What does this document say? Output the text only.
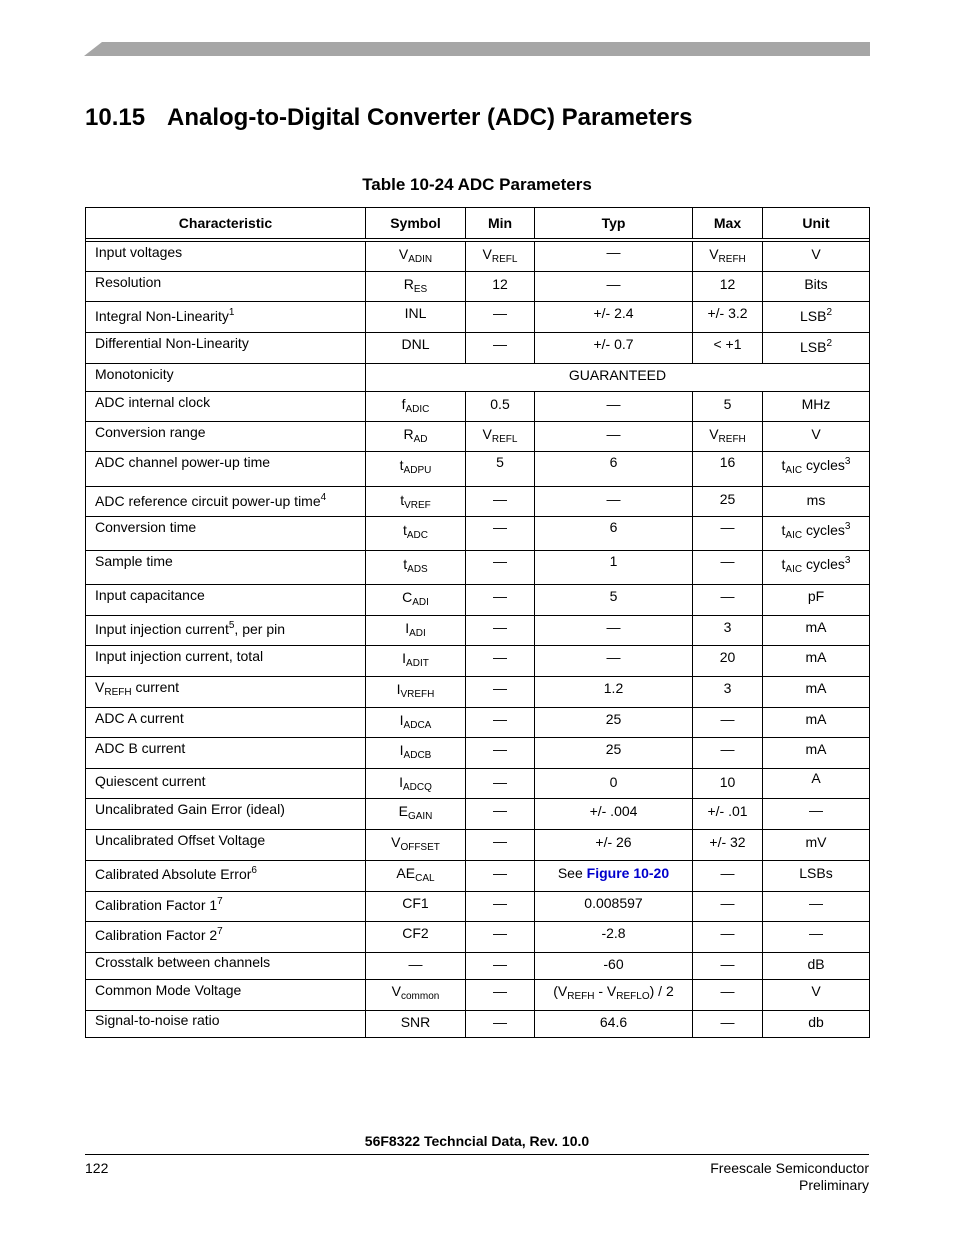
10.15 Analog-to-Digital Converter (ADC) Parameters
Table 10-24 ADC Parameters
Characteristic	Symbol	Min	Typ	Max	Unit

Input voltages	$V_{ADIN}$	$V_{REFL}$	—	$V_{REFH}$	V

Resolution	$R_{ES}$	12	—	12	Bits

Integral Non-Linearity$^1$	INL	—	+/- 2.4	+/- 3.2	LSB$^2$

Differential Non-Linearity	DNL	—	+/- 0.7	< +1	LSB$^2$

Monotonicity	GUARANTEED				

ADC internal clock	$f_{ADIC}$	0.5	—	5	MHz

Conversion range	$R_{AD}$	$V_{REFL}$	—	$V_{REFH}$	V

ADC channel power-up time	$t_{ADPU}$	5	6	16	$t_{AIC}$ cycles$^3$

ADC reference circuit power-up time$^4$	$t_{VREF}$	—	—	25	ms

Conversion time	$t_{ADC}$	—	6	—	$t_{AIC}$ cycles$^3$

Sample time	$t_{ADS}$	—	1	—	$t_{AIC}$ cycles$^3$

Input capacitance	$C_{ADI}$	—	5	—	pF

Input injection current$^5$, per pin	$I_{ADI}$	—	—	3	mA

Input injection current, total	$I_{ADIT}$	—	—	20	mA

$V_{REFH}$ current	$I_{VREFH}$	—	1.2	3	mA

ADC A current	$I_{ADCA}$	—	25	—	mA

ADC B current	$I_{ADCB}$	—	25	—	mA

Quiescent current	$I_{ADCQ}$	—	0	10	A

Uncalibrated Gain Error (ideal)	$E_{GAIN}$	—	+/- .004	+/- .01	—

Uncalibrated Offset Voltage	$V_{OFFSET}$	—	+/- 26	+/- 32	mV

Calibrated Absolute Error$^6$	$AE_{CAL}$	—	See Figure 10-20	—	LSBs

Calibration Factor $1^7$	CF1	—	0.008597	—	—

Calibration Factor $2^7$	CF2	—	-2.8	—	—

Crosstalk between channels	—	—	-60	—	dB

Common Mode Voltage	$V_{common}$	—	$(V_{REFH} - V_{REFLO}) / 2$	—	V

Signal-to-noise ratio	SNR	—	64.6	—	db
56F8322 Techncial Data, Rev. 10.0
122	Freescale Semiconductor
Preliminary
